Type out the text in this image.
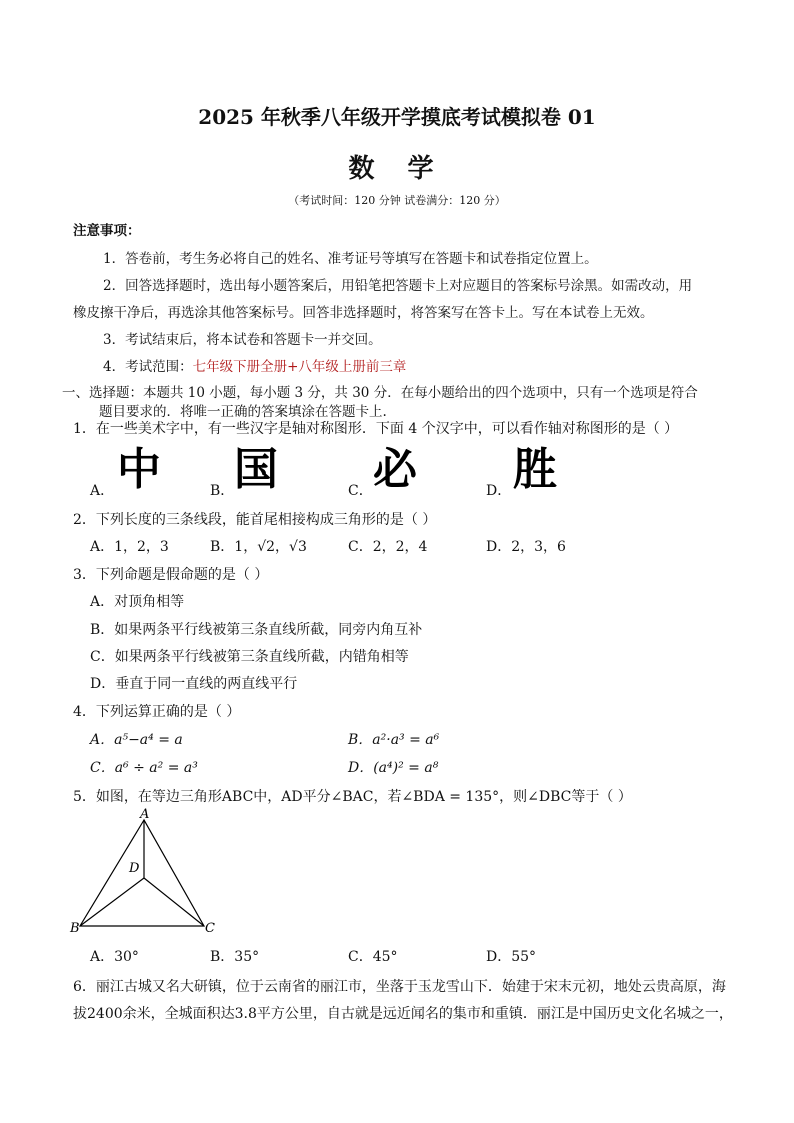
2025 年秋季八年级开学摸底考试模拟卷 01
数 学
（考试时间：120 分钟 试卷满分：120 分）
注意事项：
1．答卷前，考生务必将自己的姓名、准考证号等填写在答题卡和试卷指定位置上。
2．回答选择题时，选出每小题答案后，用铅笔把答题卡上对应题目的答案标号涂黑。如需改动，用
橡皮擦干净后，再选涂其他答案标号。回答非选择题时，将答案写在答卡上。写在本试卷上无效。
3．考试结束后，将本试卷和答题卡一并交回。
4．考试范围：七年级下册全册+八年级上册前三章
一、选择题：本题共 10 小题，每小题 3 分，共 30 分．在每小题给出的四个选项中，只有一个选项是符合
题目要求的．将唯一正确的答案填涂在答题卡上.
1．在一些美术字中，有一些汉字是轴对称图形．下面 4 个汉字中，可以看作轴对称图形的是（ ）
A． 中	B． 国	C． 必	D． 胜
2．下列长度的三条线段，能首尾相接构成三角形的是（ ）
A．1，2，3	B．1，√2，√3	C．2，2，4	D．2，3，6
3．下列命题是假命题的是（ ）
A．对顶角相等
B．如果两条平行线被第三条直线所截，同旁内角互补
C．如果两条平行线被第三条直线所截，内错角相等
D．垂直于同一直线的两直线平行
4．下列运算正确的是（ ）
A．a⁵−a⁴ = a	B．a²·a³ = a⁶
C．a⁶ ÷ a² = a³	D．(a⁴)² = a⁸
5．如图，在等边三角形ABC中，AD平分∠BAC，若∠BDA = 135°，则∠DBC等于（ ）
A
B	C
D
A．30°	B．35°	C．45°	D．55°
6．丽江古城又名大研镇，位于云南省的丽江市，坐落于玉龙雪山下．始建于宋末元初，地处云贵高原，海
拔2400余米，全城面积达3.8平方公里，自古就是远近闻名的集市和重镇．丽江是中国历史文化名城之一，
